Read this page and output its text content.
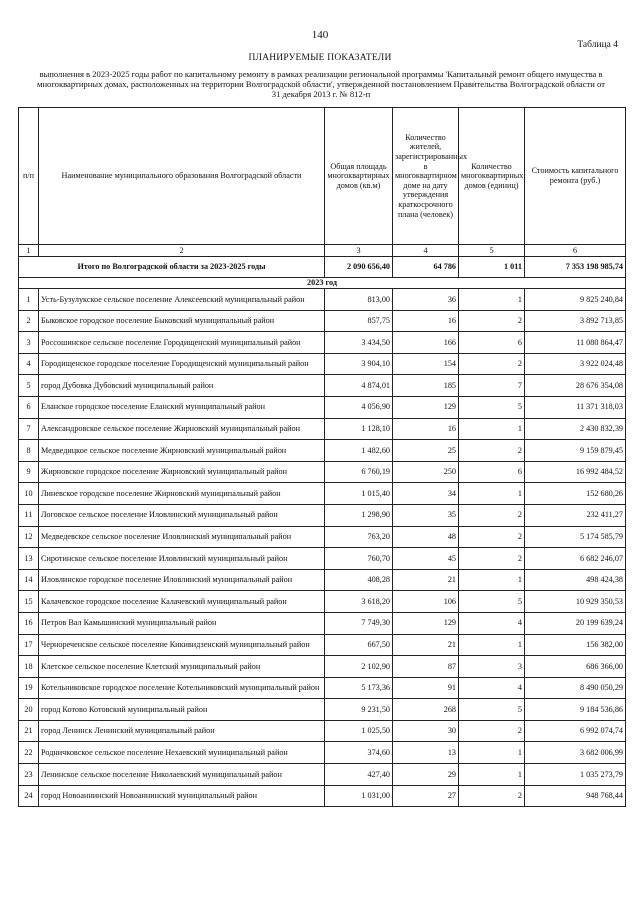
140
Таблица 4
ПЛАНИРУЕМЫЕ ПОКАЗАТЕЛИ
выполнения в 2023-2025 годы работ по капитальному ремонту в рамках реализации региональной программы 'Капитальный ремонт общего имущества в многоквартирных домах, расположенных на территории Волгоградской области', утвержденной постановлением Правительства Волгоградской области от 31 декабря 2013 г. № 812-п
п/п	Наименование муниципального образования Волгоградской области	Общая площадь многоквартирных домов (кв.м)	Количество жителей, зарегистрированных в многоквартирном доме на дату утверждения краткосрочного плана (человек)	Количество многоквартирных домов (единиц)	Стоимость капитального ремонта (руб.)
1	2	3	4	5	6
Итого по Волгоградской области за 2023-2025 годы		2 090 656,40	64 786	1 011	7 353 198 985,74
2023 год					
1	Усть-Бузулукское сельское поселение Алексеевский муниципальный район	813,00	36	1	9 825 240,84
2	Быковское городское поселение Быковский муниципальный район	857,75	16	2	3 892 713,85
3	Россошинское сельское поселение Городищенский муниципальный район	3 434,50	166	6	11 080 864,47
4	Городищенское городское поселение Городищенский муниципальный район	3 904,10	154	2	3 922 024,48
5	город Дубовка Дубовский муниципальный район	4 874,01	185	7	28 676 354,08
6	Еланское городское поселение Еланский муниципальный район	4 056,90	129	5	11 371 318,03
7	Александровское сельское поселение Жирновский муниципальный район	1 128,10	16	1	2 430 832,39
8	Медведицкое сельское поселение Жирновский муниципальный район	1 482,60	25	2	9 159 879,45
9	Жирновское городское поселение Жирновский муниципальный район	6 760,19	250	6	16 992 484,52
10	Линевское городское поселение Жирновский муниципальный район	1 015,40	34	1	152 680,26
11	Логовское сельское поселение Иловлинский муниципальный район	1 298,90	35	2	232 411,27
12	Медведевское сельское поселение Иловлинский муниципальный район	763,20	48	2	5 174 585,79
13	Сиротинское сельское поселение Иловлинский муниципальный район	760,70	45	2	6 682 246,07
14	Иловлинское городское поселение Иловлинский муниципальный район	408,28	21	1	498 424,38
15	Калачевское городское поселение Калачевский муниципальный район	3 618,20	106	5	10 929 350,53
16	Петров Вал Камышинский муниципальный район	7 749,30	129	4	20 199 639,24
17	Чернореченское сельское поселение Кикивидзенский муниципальный район	667,50	21	1	156 382,00
18	Клетское сельское поселение Клетский муниципальный район	2 102,90	87	3	686 366,00
19	Котельниковское городское поселение Котельниковский муниципальный район	5 173,36	91	4	8 490 050,29
20	город Котово Котовский муниципальный район	9 231,50	268	5	9 184 536,86
21	город Ленинск Ленинский муниципальный район	1 025,50	30	2	6 992 074,74
22	Родничковское сельское поселение Нехаевский муниципальный район	374,60	13	1	3 682 006,99
23	Ленинское сельское поселение Николаевский муниципальный район	427,40	29	1	1 035 273,79
24	город Новоаннинский Новоаннинский муниципальный район	1 031,00	27	2	948 768,44
